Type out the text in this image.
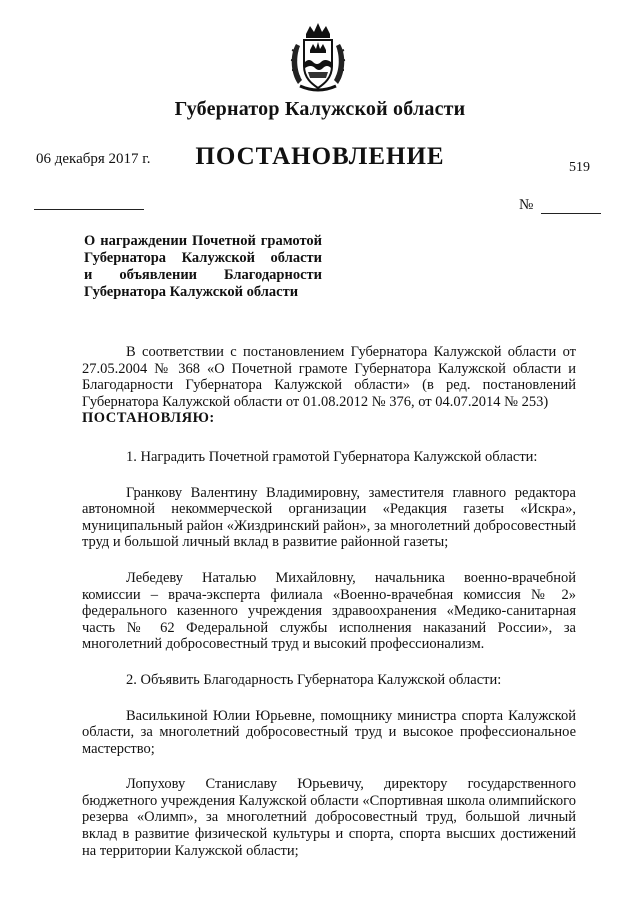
Губернатор Калужской области
06 декабря 2017 г.	ПОСТАНОВЛЕНИЕ	519
№
О награждении Почетной грамотой
Губернатора Калужской области
и объявлении Благодарности
Губернатора Калужской области

В соответствии с постановлением Губернатора Калужской области от 27.05.2004 № 368 «О Почетной грамоте Губернатора Калужской области и Благодарности Губернатора Калужской области» (в ред. постановлений Губернатора Калужской области от 01.08.2012 № 376, от 04.07.2014 № 253)

ПОСТАНОВЛЯЮ:

1. Наградить Почетной грамотой Губернатора Калужской области:

Гранкову Валентину Владимировну, заместителя главного редактора автономной некоммерческой организации «Редакция газеты «Искра», муниципальный район «Жиздринский район», за многолетний добросовестный труд и большой личный вклад в развитие районной газеты;

Лебедеву Наталью Михайловну, начальника военно-врачебной комиссии – врача-эксперта филиала «Военно-врачебная комиссия № 2» федерального казенного учреждения здравоохранения «Медико-санитарная часть № 62 Федеральной службы исполнения наказаний России», за многолетний добросовестный труд и высокий профессионализм.

2. Объявить Благодарность Губернатора Калужской области:

Василькиной Юлии Юрьевне, помощнику министра спорта Калужской области, за многолетний добросовестный труд и высокое профессиональное мастерство;

Лопухову Станиславу Юрьевичу, директору государственного бюджетного учреждения Калужской области «Спортивная школа олимпийского резерва «Олимп», за многолетний добросовестный труд, большой личный вклад в развитие физической культуры и спорта, спорта высших достижений на территории Калужской области;
